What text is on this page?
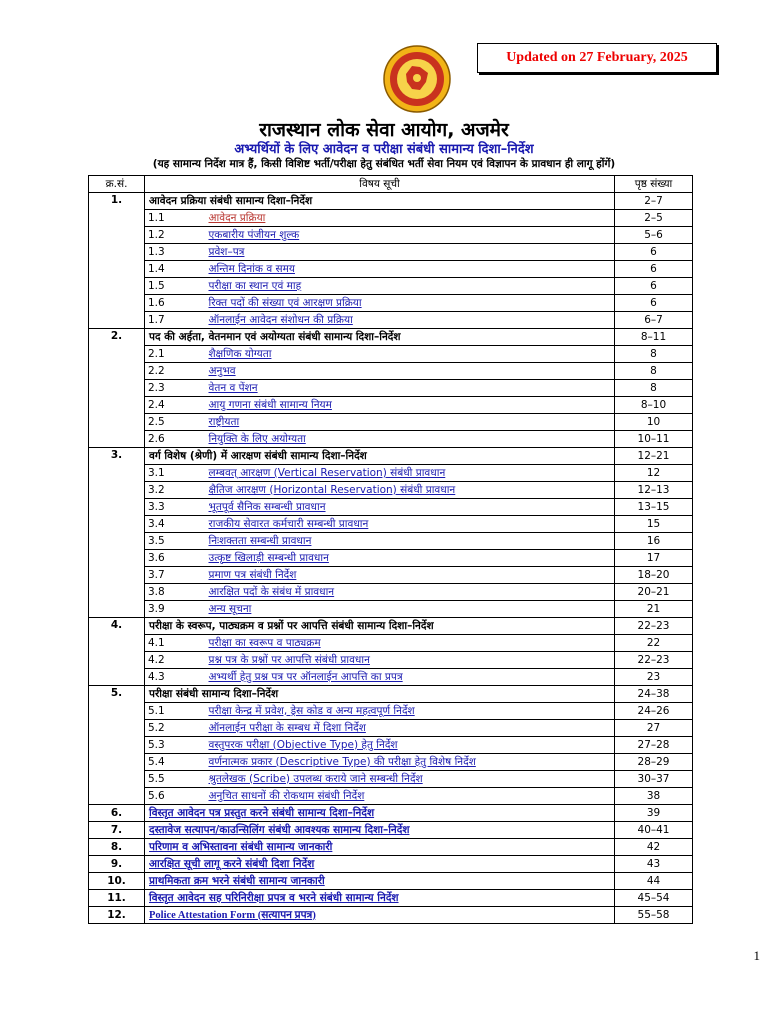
Updated on 27 February, 2025
राजस्थान लोक सेवा आयोग, अजमेर
अभ्यर्थियों के लिए आवेदन व परीक्षा संबंधी सामान्य दिशा–निर्देश
(यह सामान्य निर्देश मात्र हैं, किसी विशिष्ट भर्ती/परीक्षा हेतु संबंधित भर्ती सेवा नियम एवं विज्ञापन के प्रावधान ही लागू होंगें)
क्र.सं.	विषय सूची		पृष्ठ संख्या
1.	आवेदन प्रक्रिया संबंधी सामान्य दिशा–निर्देश		2–7
	1.1	आवेदन प्रक्रिया	2–5
	1.2	एकबारीय पंजीयन शुल्क	5–6
	1.3	प्रवेश–पत्र	6
	1.4	अन्तिम दिनांक व समय	6
	1.5	परीक्षा का स्थान एवं माह	6
	1.6	रिक्त पदों की संख्या एवं आरक्षण प्रक्रिया	6
	1.7	ऑनलाईन आवेदन संशोधन की प्रक्रिया	6–7
2.	पद की अर्हता, वेतनमान एवं अयोग्यता संबंधी सामान्य दिशा–निर्देश		8–11
	2.1	शैक्षणिक योग्यता	8
	2.2	अनुभव	8
	2.3	वेतन व पेंशन	8
	2.4	आयु गणना संबंधी सामान्य नियम	8–10
	2.5	राष्ट्रीयता	10
	2.6	नियुक्ति के लिए अयोग्यता	10–11
3.	वर्ग विशेष (श्रेणी) में आरक्षण संबंधी सामान्य दिशा–निर्देश		12–21
	3.1	लम्बवत् आरक्षण (Vertical Reservation) संबंधी प्रावधान	12
	3.2	क्षैतिज आरक्षण (Horizontal Reservation) संबंधी प्रावधान	12–13
	3.3	भूतपूर्व सैनिक सम्बन्धी प्रावधान	13–15
	3.4	राजकीय सेवारत कर्मचारी सम्बन्धी प्रावधान	15
	3.5	निःशक्तता सम्बन्धी प्रावधान	16
	3.6	उत्कृष्ट खिलाड़ी सम्बन्धी प्रावधान	17
	3.7	प्रमाण पत्र संबंधी निर्देश	18–20
	3.8	आरक्षित पदों के संबंध में प्रावधान	20–21
	3.9	अन्य सूचना	21
4.	परीक्षा के स्वरूप, पाठ्यक्रम व प्रश्नों पर आपत्ति संबंधी सामान्य दिशा–निर्देश		22–23
	4.1	परीक्षा का स्वरूप व पाठ्यक्रम	22
	4.2	प्रश्न पत्र के प्रश्नों पर आपत्ति संबंधी प्रावधान	22–23
	4.3	अभ्यर्थी हेतु प्रश्न पत्र पर ऑनलाईन आपत्ति का प्रपत्र	23
5.	परीक्षा संबंधी सामान्य दिशा–निर्देश		24–38
	5.1	परीक्षा केन्द्र में प्रवेश, ड्रेस कोड व अन्य महत्वपूर्ण निर्देश	24–26
	5.2	ऑनलाईन परीक्षा के सम्बध में दिशा निर्देश	27
	5.3	वस्तुपरक परीक्षा (Objective Type) हेतु निर्देश	27–28
	5.4	वर्णनात्मक प्रकार (Descriptive Type) की परीक्षा हेतु विशेष निर्देश	28–29
	5.5	श्रुतलेखक (Scribe) उपलब्ध कराये जाने सम्बन्धी निर्देश	30–37
	5.6	अनुचित साधनों की रोकथाम संबंधी निर्देश	38
6.	विस्तृत आवेदन पत्र प्रस्तुत करने संबंधी सामान्य दिशा–निर्देश		39
7.	दस्तावेज सत्यापन/काउन्सिलिंग संबंधी आवश्यक सामान्य दिशा–निर्देश		40–41
8.	परिणाम व अभिस्तावना संबंधी सामान्य जानकारी		42
9.	आरक्षित सूची लागू करने संबंधी दिशा निर्देश		43
10.	प्राथमिकता क्रम भरने संबंधी सामान्य जानकारी		44
11.	विस्तृत आवेदन सह परिनिरीक्षा प्रपत्र व भरने संबंधी सामान्य निर्देश		45–54
12.	Police Attestation Form (सत्यापन प्रपत्र)		55–58
1
